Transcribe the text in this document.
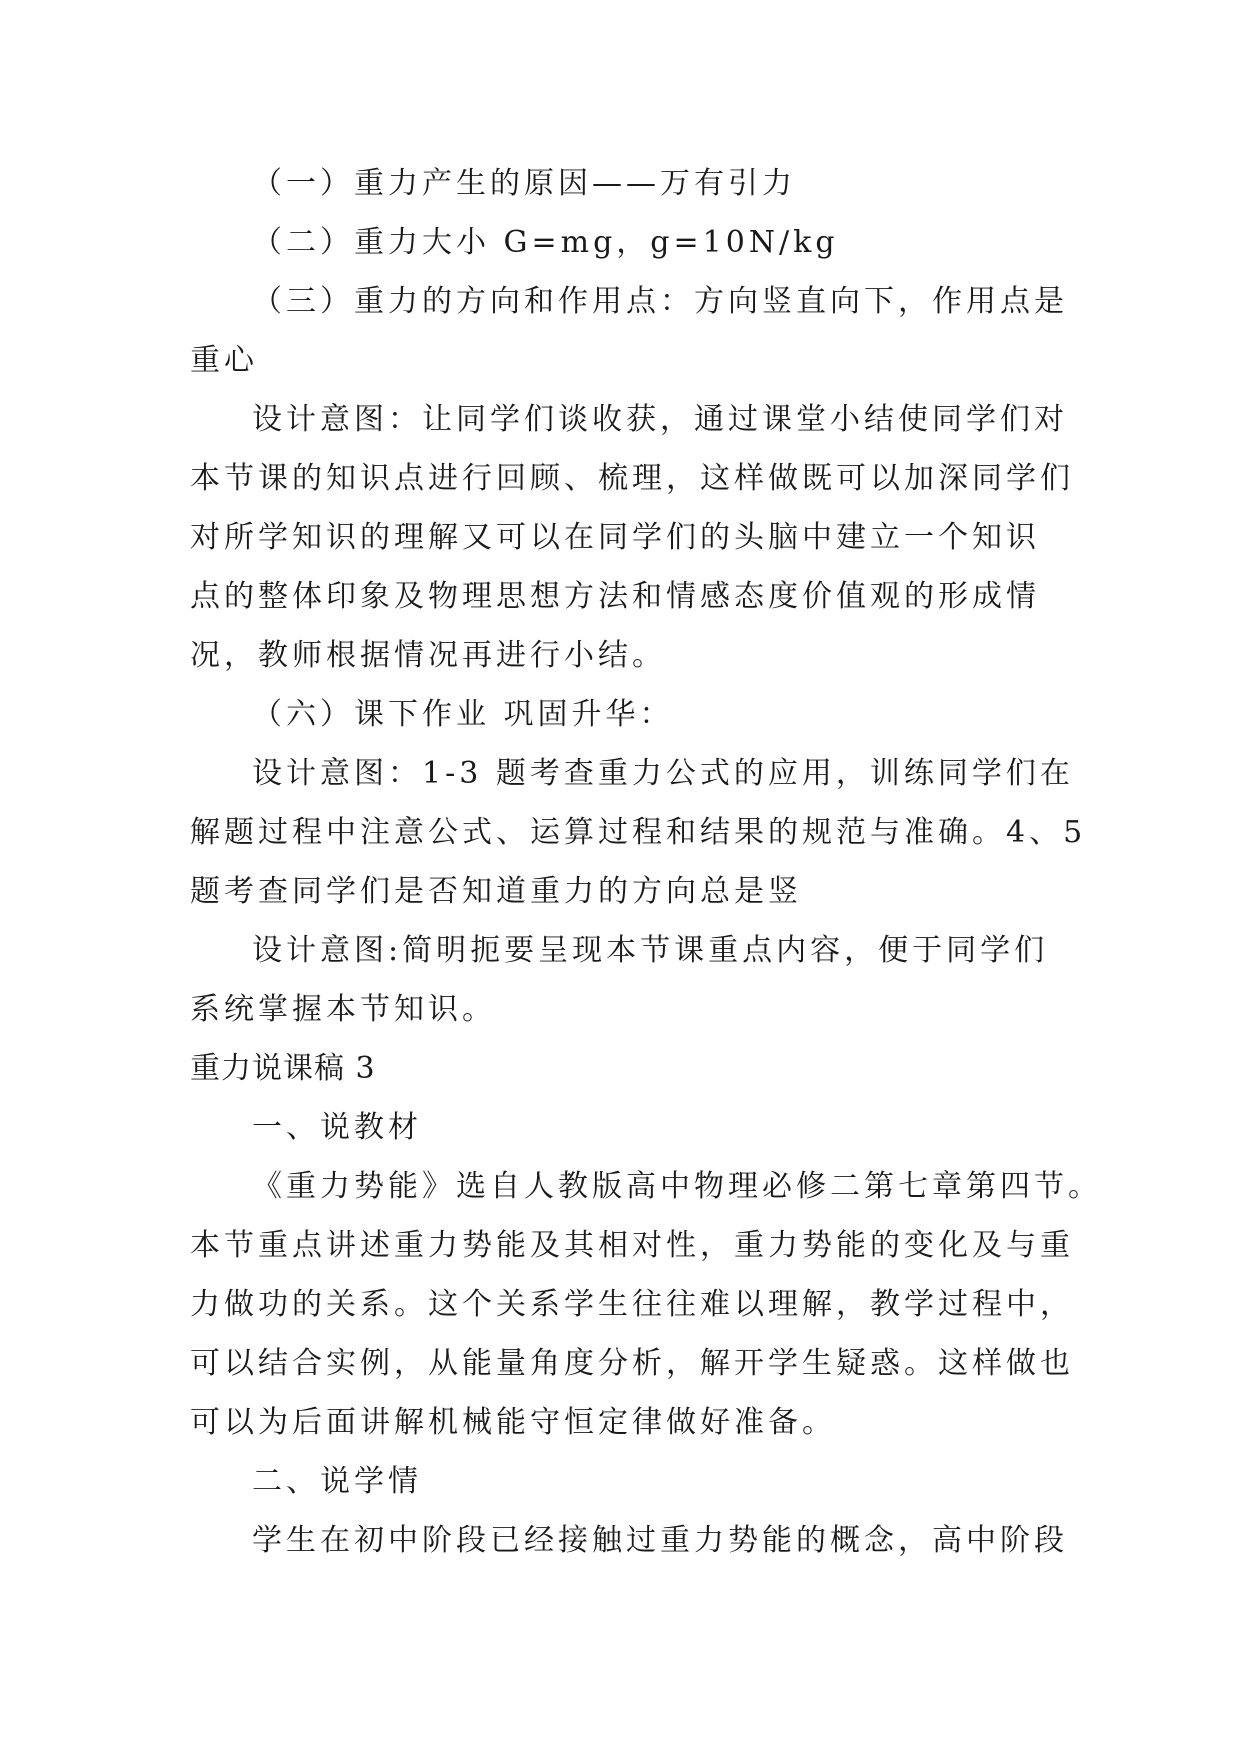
（一）重力产生的原因——万有引力
（二）重力大小 G=mg，g=10N/kg
（三）重力的方向和作用点：方向竖直向下，作用点是
重心
设计意图：让同学们谈收获，通过课堂小结使同学们对
本节课的知识点进行回顾、梳理，这样做既可以加深同学们
对所学知识的理解又可以在同学们的头脑中建立一个知识
点的整体印象及物理思想方法和情感态度价值观的形成情
况，教师根据情况再进行小结。
（六）课下作业 巩固升华：
设计意图：1-3 题考查重力公式的应用，训练同学们在
解题过程中注意公式、运算过程和结果的规范与准确。4、5
题考查同学们是否知道重力的方向总是竖
设计意图:简明扼要呈现本节课重点内容，便于同学们
系统掌握本节知识。
重力说课稿 3
一、说教材
《重力势能》选自人教版高中物理必修二第七章第四节。
本节重点讲述重力势能及其相对性，重力势能的变化及与重
力做功的关系。这个关系学生往往难以理解，教学过程中，
可以结合实例，从能量角度分析，解开学生疑惑。这样做也
可以为后面讲解机械能守恒定律做好准备。
二、说学情
学生在初中阶段已经接触过重力势能的概念，高中阶段
